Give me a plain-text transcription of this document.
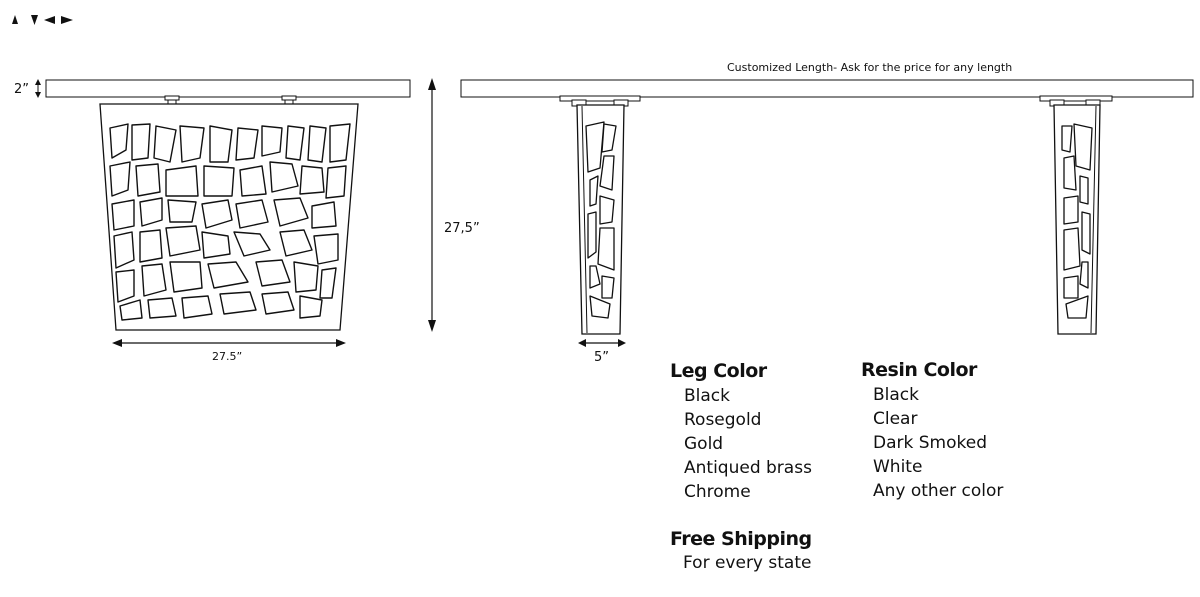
2”
27.5”
27,5”
Customized Length- Ask for the price for any length
5”
Leg Color
Black
Rosegold
Gold
Antiqued brass
Chrome
Resin Color
Black
Clear
Dark Smoked
White
Any other color
Free Shipping
For every state
